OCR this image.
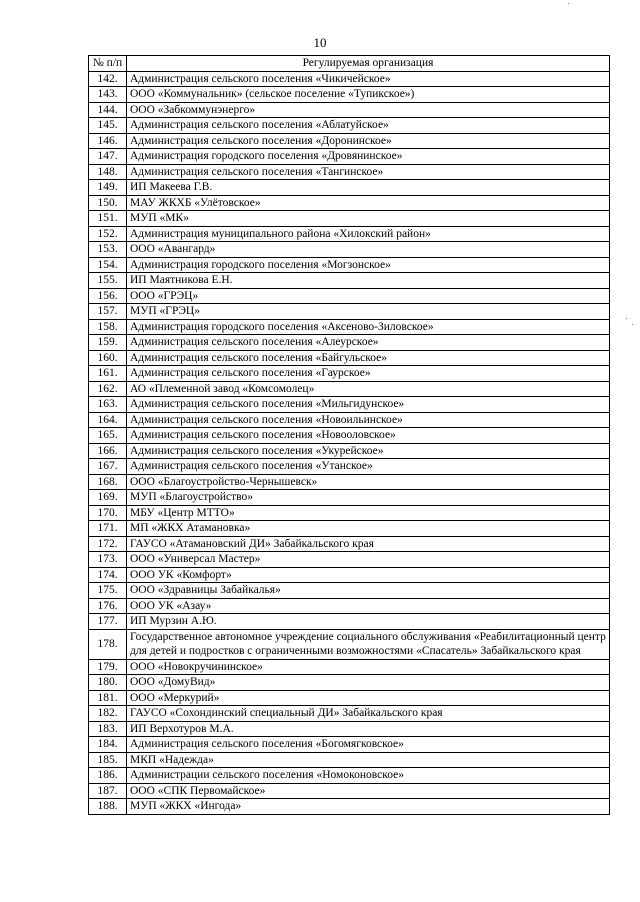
10
№ п/п	Регулируемая организация
142.	Администрация сельского поселения «Чикичейское»
143.	ООО «Коммунальник» (сельское поселение «Тупикское»)
144.	ООО «Забкоммунэнерго»
145.	Администрация сельского поселения «Аблатуйское»
146.	Администрация сельского поселения «Доронинское»
147.	Администрация городского поселения «Дровянинское»
148.	Администрация сельского поселения «Тангинское»
149.	ИП Макеева Г.В.
150.	МАУ ЖКХБ «Улётовское»
151.	МУП «МК»
152.	Администрация муниципального района «Хилокский район»
153.	ООО «Авангард»
154.	Администрация городского поселения «Могзонское»
155.	ИП Маятникова Е.Н.
156.	ООО «ГРЭЦ»
157.	МУП «ГРЭЦ»
158.	Администрация городского поселения «Аксеново-Зиловское»
159.	Администрация сельского поселения «Алеурское»
160.	Администрация сельского поселения «Байгульское»
161.	Администрация сельского поселения «Гаурское»
162.	АО «Племенной завод «Комсомолец»
163.	Администрация сельского поселения «Мильгидунское»
164.	Администрация сельского поселения «Новоильинское»
165.	Администрация сельского поселения «Новооловское»
166.	Администрация сельского поселения «Укурейское»
167.	Администрация сельского поселения «Утанское»
168.	ООО «Благоустройство-Чернышевск»
169.	МУП «Благоустройство»
170.	МБУ «Центр МТТО»
171.	МП «ЖКХ Атамановка»
172.	ГАУСО «Атамановский ДИ» Забайкальского края
173.	ООО «Универсал Мастер»
174.	ООО УК «Комфорт»
175.	ООО «Здравницы Забайкалья»
176.	ООО УК «Азау»
177.	ИП Мурзин А.Ю.
178.	Государственное автономное учреждение социального обслуживания «Реабилитационный центр для детей и подростков с ограниченными возможностями «Спасатель» Забайкальского края
179.	ООО «Новокручининское»
180.	ООО «ДомуВид»
181.	ООО «Меркурий»
182.	ГАУСО «Сохондинский специальный ДИ» Забайкальского края
183.	ИП Верхотуров М.А.
184.	Администрация сельского поселения «Богомягковское»
185.	МКП «Надежда»
186.	Администрации сельского поселения «Номоконовское»
187.	ООО «СПК Первомайское»
188.	МУП «ЖКХ «Ингода»
